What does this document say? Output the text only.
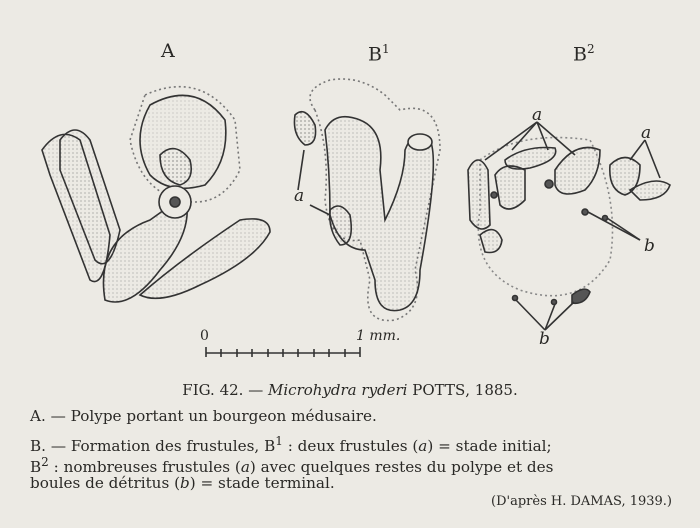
A	$B^1$	$B^2$
a
a
a
b
b
0	1 mm.
FIG. 42. — Microhydra ryderi POTTS, 1885.
A. — Polype portant un bourgeon médusaire.
B. — Formation des frustules, $B^1$ : deux frustules (a) = stade initial;
$B^2$ : nombreuses frustules (a) avec quelques restes du polype et des
boules de détritus (b) = stade terminal.
(D'après H. DAMAS, 1939.)
